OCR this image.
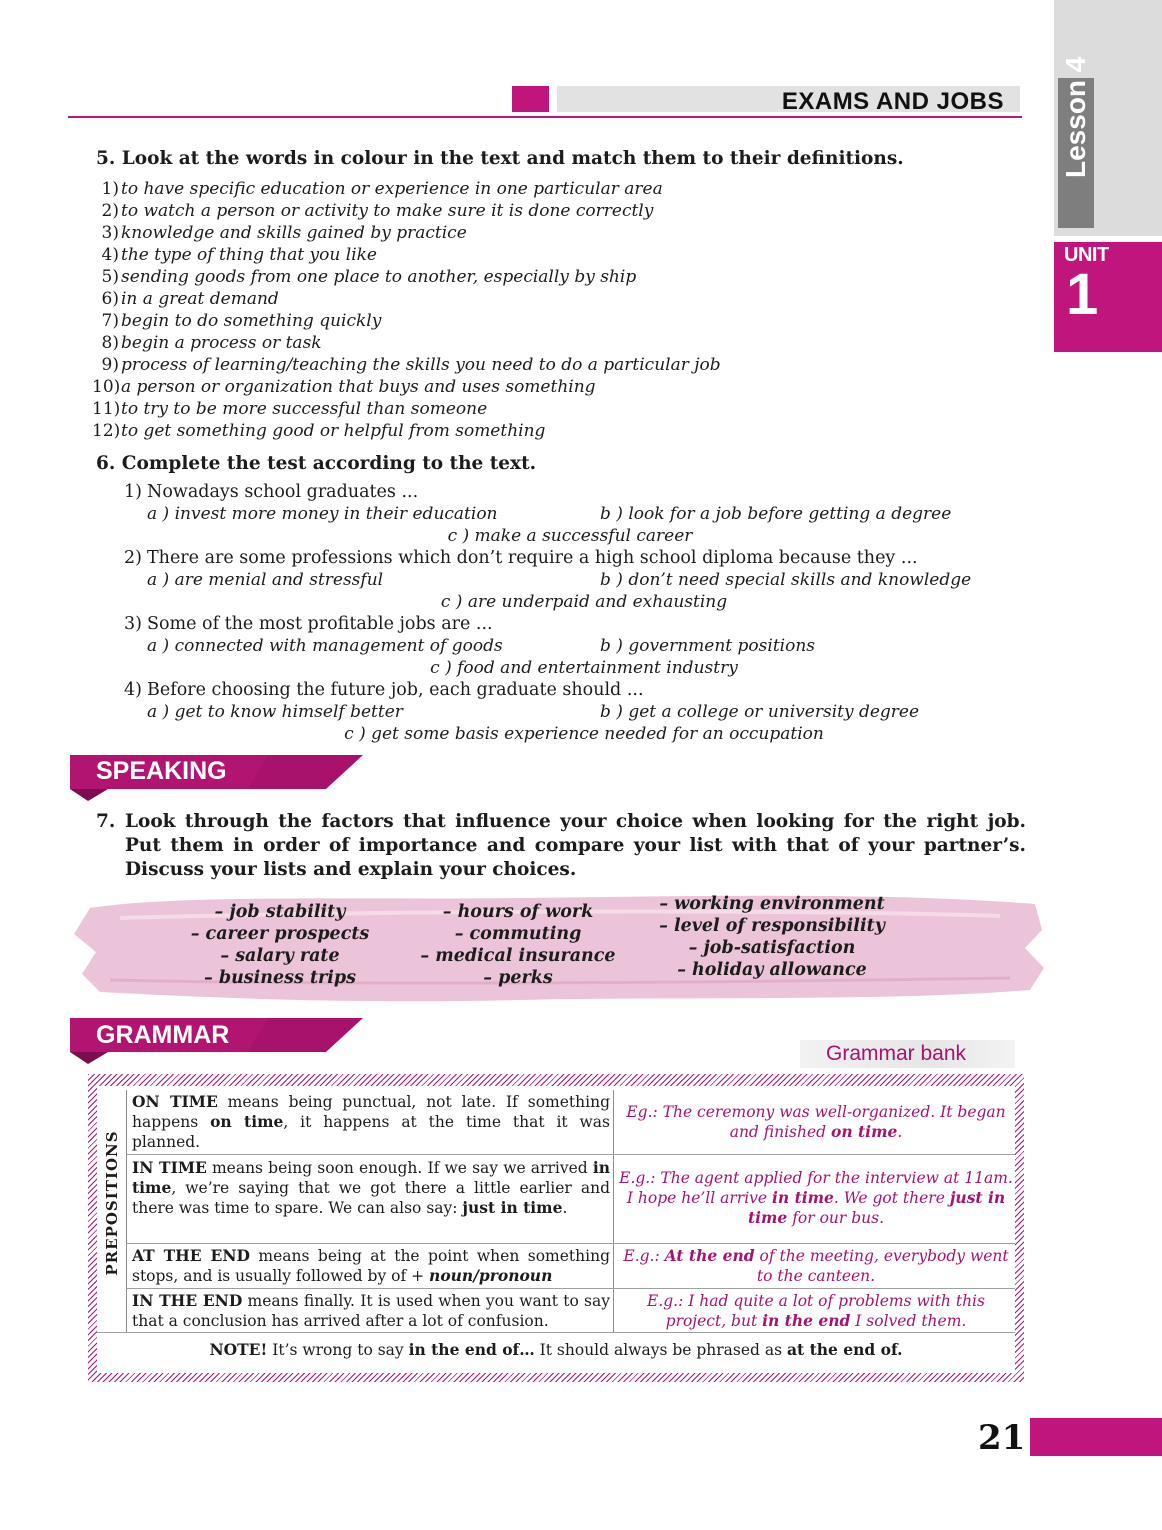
EXAMS AND JOBS Lesson 4
UNIT
1
5. Look at the words in colour in the text and match them to their definitions.
1) to have specific education or experience in one particular area
2) to watch a person or activity to make sure it is done correctly
3) knowledge and skills gained by practice
4) the type of thing that you like
5) sending goods from one place to another, especially by ship
6) in a great demand
7) begin to do something quickly
8) begin a process or task
9) process of learning/teaching the skills you need to do a particular job
10)a person or organization that buys and uses something
11)to try to be more successful than someone
12)to get something good or helpful from something
6. Complete the test according to the text.
1) Nowadays school graduates ...
a ) invest more money in their education	b ) look for a job before getting a degree
c ) make a successful career
2) There are some professions which don’t require a high school diploma because they ...
a ) are menial and stressful	b ) don’t need special skills and knowledge
c ) are underpaid and exhausting
3) Some of the most profitable jobs are ...
a ) connected with management of goods	b ) government positions
c ) food and entertainment industry
4) Before choosing the future job, each graduate should ...
a ) get to know himself better	b ) get a college or university degree
c ) get some basis experience needed for an occupation
SPEAKING
7. Look through the factors that influence your choice when looking for the right job. Put them in order of importance and compare your list with that of your partner’s. Discuss your lists and explain your choices.
– job stability
– career prospects
– salary rate
– business trips
– hours of work
– commuting
– medical insurance
– perks
– working environment
– level of responsibility
– job-satisfaction
– holiday allowance
GRAMMAR
Grammar bank
PREPOSITIONS
ON TIME means being punctual, not late. If something happens on time, it happens at the time that it was planned.
Eg.: The ceremony was well-organized. It began and finished on time.
IN TIME means being soon enough. If we say we arrived in time, we’re saying that we got there a little earlier and there was time to spare. We can also say: just in time.
E.g.: The agent applied for the interview at 11am. I hope he’ll arrive in time. We got there just in time for our bus.
AT THE END means being at the point when something stops, and is usually followed by of + noun/pronoun
E.g.: At the end of the meeting, everybody went to the canteen.
IN THE END means finally. It is used when you want to say that a conclusion has arrived after a lot of confusion.
E.g.: I had quite a lot of problems with this project, but in the end I solved them.
NOTE! It’s wrong to say in the end of… It should always be phrased as at the end of.
21
